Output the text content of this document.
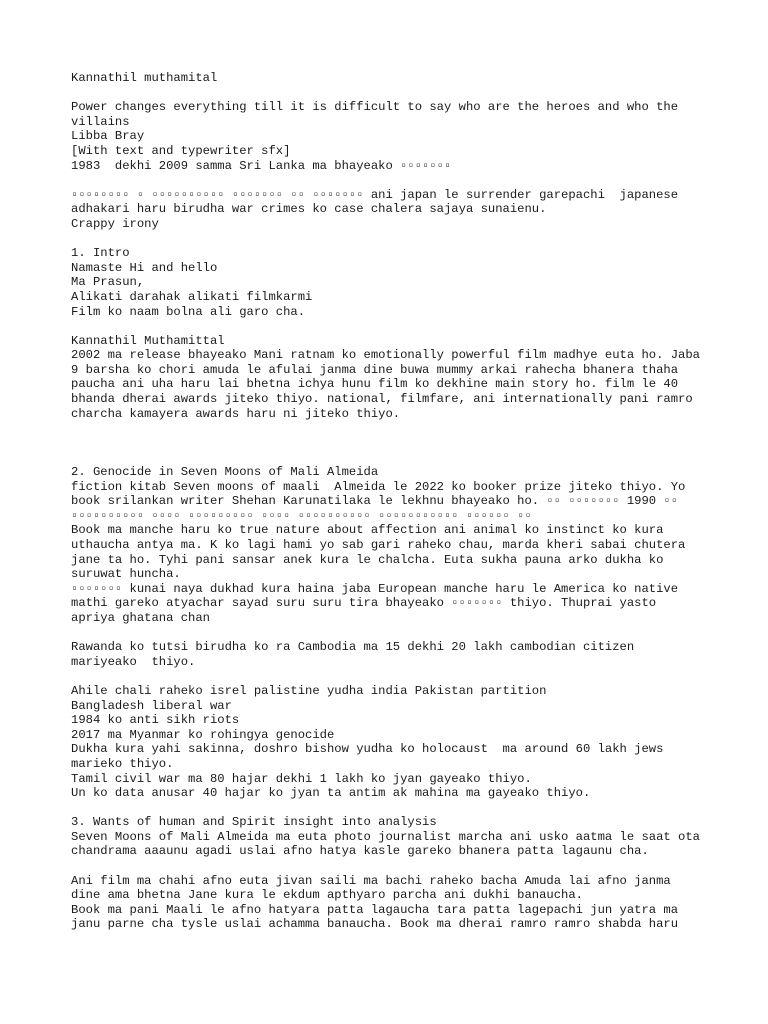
Kannathil muthamital
Power changes everything till it is difficult to say who are the heroes and who the villains
Libba Bray
[With text and typewriter sfx]
1983  dekhi 2009 samma Sri Lanka ma bhayeako ▫▫▫▫▫▫▫
▫▫▫▫▫▫▫▫ ▫ ▫▫▫▫▫▫▫▫▫▫ ▫▫▫▫▫▫▫ ▫▫ ▫▫▫▫▫▫▫ ani japan le surrender garepachi  japanese adhakari haru birudha war crimes ko case chalera sajaya sunaienu.
Crappy irony
1. Intro
Namaste Hi and hello
Ma Prasun,
Alikati darahak alikati filmkarmi
Film ko naam bolna ali garo cha.
Kannathil Muthamittal
2002 ma release bhayeako Mani ratnam ko emotionally powerful film madhye euta ho. Jaba 9 barsha ko chori amuda le afulai janma dine buwa mummy arkai rahecha bhanera thaha paucha ani uha haru lai bhetna ichya hunu film ko dekhine main story ho. film le 40 bhanda dherai awards jiteko thiyo. national, filmfare, ani internationally pani ramro charcha kamayera awards haru ni jiteko thiyo.
2. Genocide in Seven Moons of Mali Almeida
fiction kitab Seven moons of maali  Almeida le 2022 ko booker prize jiteko thiyo. Yo book srilankan writer Shehan Karunatilaka le lekhnu bhayeako ho. ▫▫ ▫▫▫▫▫▫▫ 1990 ▫▫ ▫▫▫▫▫▫▫▫▫▫ ▫▫▫▫ ▫▫▫▫▫▫▫▫▫ ▫▫▫▫ ▫▫▫▫▫▫▫▫▫▫ ▫▫▫▫▫▫▫▫▫▫▫ ▫▫▫▫▫▫ ▫▫
Book ma manche haru ko true nature about affection ani animal ko instinct ko kura uthaucha antya ma. K ko lagi hami yo sab gari raheko chau, marda kheri sabai chutera jane ta ho. Tyhi pani sansar anek kura le chalcha. Euta sukha pauna arko dukha ko suruwat huncha.
▫▫▫▫▫▫▫ kunai naya dukhad kura haina jaba European manche haru le America ko native mathi gareko atyachar sayad suru suru tira bhayeako ▫▫▫▫▫▫▫ thiyo. Thuprai yasto apriya ghatana chan
Rawanda ko tutsi birudha ko ra Cambodia ma 15 dekhi 20 lakh cambodian citizen mariyeako  thiyo.
Ahile chali raheko isrel palistine yudha india Pakistan partition
Bangladesh liberal war
1984 ko anti sikh riots
2017 ma Myanmar ko rohingya genocide
Dukha kura yahi sakinna, doshro bishow yudha ko holocaust  ma around 60 lakh jews marieko thiyo.
Tamil civil war ma 80 hajar dekhi 1 lakh ko jyan gayeako thiyo.
Un ko data anusar 40 hajar ko jyan ta antim ak mahina ma gayeako thiyo.
3. Wants of human and Spirit insight into analysis
Seven Moons of Mali Almeida ma euta photo journalist marcha ani usko aatma le saat ota chandrama aaaunu agadi uslai afno hatya kasle gareko bhanera patta lagaunu cha.
Ani film ma chahi afno euta jivan saili ma bachi raheko bacha Amuda lai afno janma dine ama bhetna Jane kura le ekdum apthyaro parcha ani dukhi banaucha.
Book ma pani Maali le afno hatyara patta lagaucha tara patta lagepachi jun yatra ma janu parne cha tysle uslai achamma banaucha. Book ma dherai ramro ramro shabda haru
